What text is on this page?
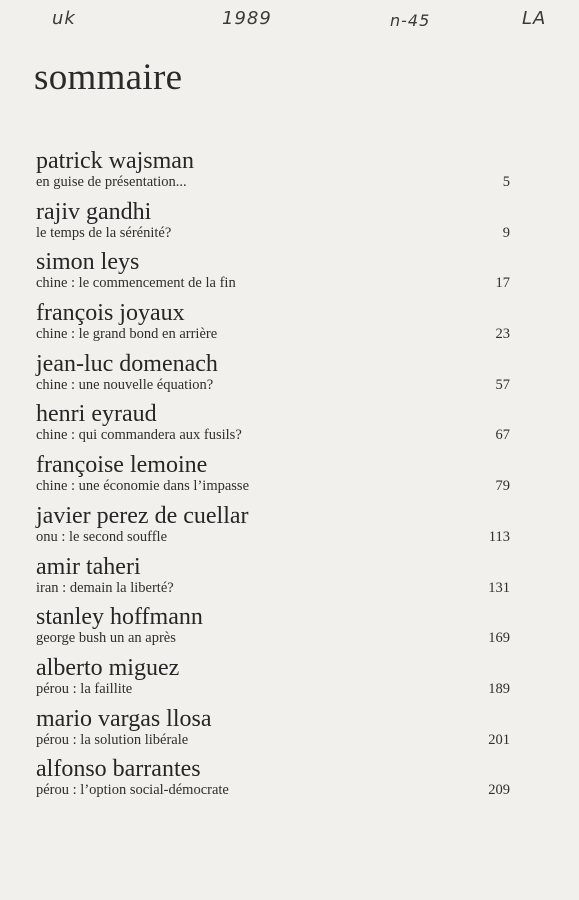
uk	1989	n-45	LA
sommaire
patrick wajsman
en guise de présentation...	5
rajiv gandhi
le temps de la sérénité?	9
simon leys
chine : le commencement de la fin	17
françois joyaux
chine : le grand bond en arrière	23
jean-luc domenach
chine : une nouvelle équation?	57
henri eyraud
chine : qui commandera aux fusils?	67
françoise lemoine
chine : une économie dans l’impasse	79
javier perez de cuellar
onu : le second souffle	113
amir taheri
iran : demain la liberté?	131
stanley hoffmann
george bush un an après	169
alberto miguez
pérou : la faillite	189
mario vargas llosa
pérou : la solution libérale	201
alfonso barrantes
pérou : l’option social-démocrate	209
